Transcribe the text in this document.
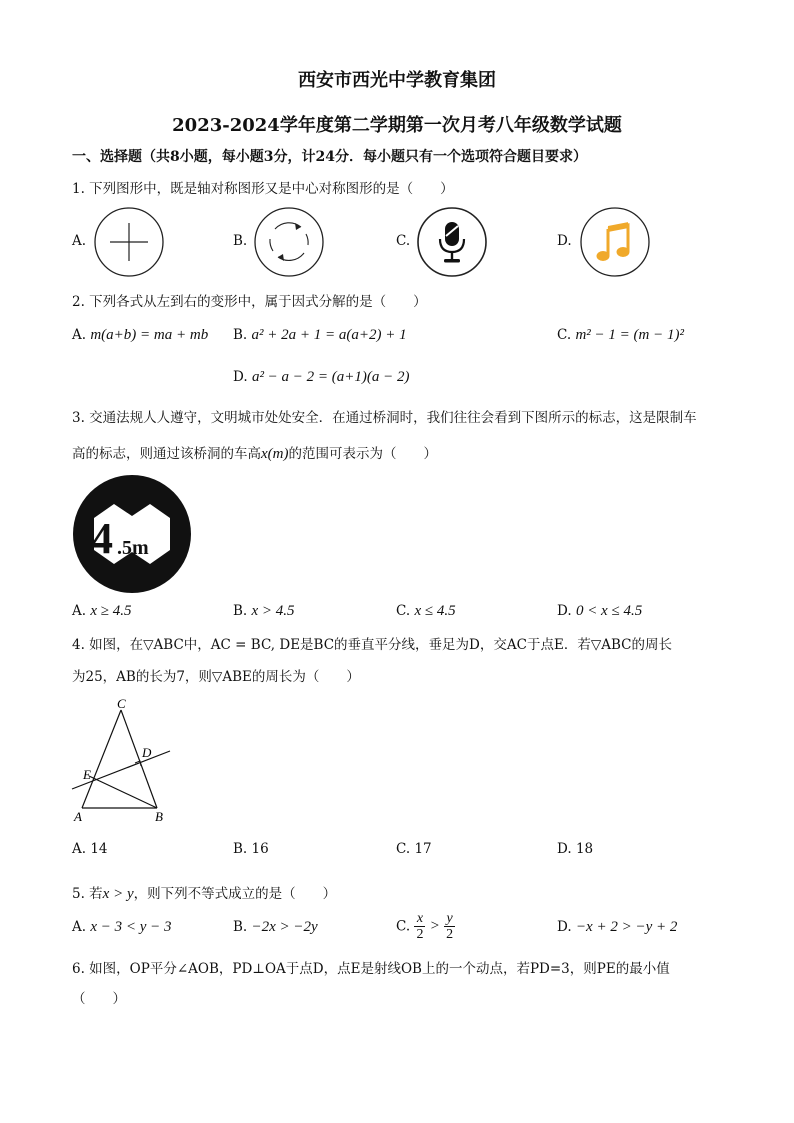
西安市西光中学教育集团
2023-2024学年度第二学期第一次月考八年级数学试题
一、选择题（共8小题，每小题3分，计24分．每小题只有一个选项符合题目要求）
1. 下列图形中，既是轴对称图形又是中心对称图形的是（　　）
A.	B.	C.	D.
2. 下列各式从左到右的变形中，属于因式分解的是（　　）
A. m(a+b) = ma + mb B. a² + 2a + 1 = a(a+2) + 1	C. m² − 1 = (m − 1)²
D. a² − a − 2 = (a+1)(a − 2)
3. 交通法规人人遵守，文明城市处处安全．在通过桥洞时，我们往往会看到下图所示的标志，这是限制车
高的标志，则通过该桥洞的车高x(m)的范围可表示为（　　）
4 .5m
A. x ≥ 4.5	B. x > 4.5	C. x ≤ 4.5	D. 0 < x ≤ 4.5
4. 如图，在▽ABC中，AC = BC, DE是BC的垂直平分线，垂足为D，交AC于点E．若▽ABC的周长
为25，AB的长为7，则▽ABE的周长为（　　）
C
D
E
A	B
A. 14	B. 16	C. 17	D. 18
5. 若x > y，则下列不等式成立的是（　　）
A. x − 3 < y − 3	B. −2x > −2y	C. $\frac{x}{2} > \frac{y}{2}$	D. −x + 2 > −y + 2
6. 如图，OP平分∠AOB，PD⊥OA于点D，点E是射线OB上的一个动点，若PD=3，则PE的最小值
（　　）
